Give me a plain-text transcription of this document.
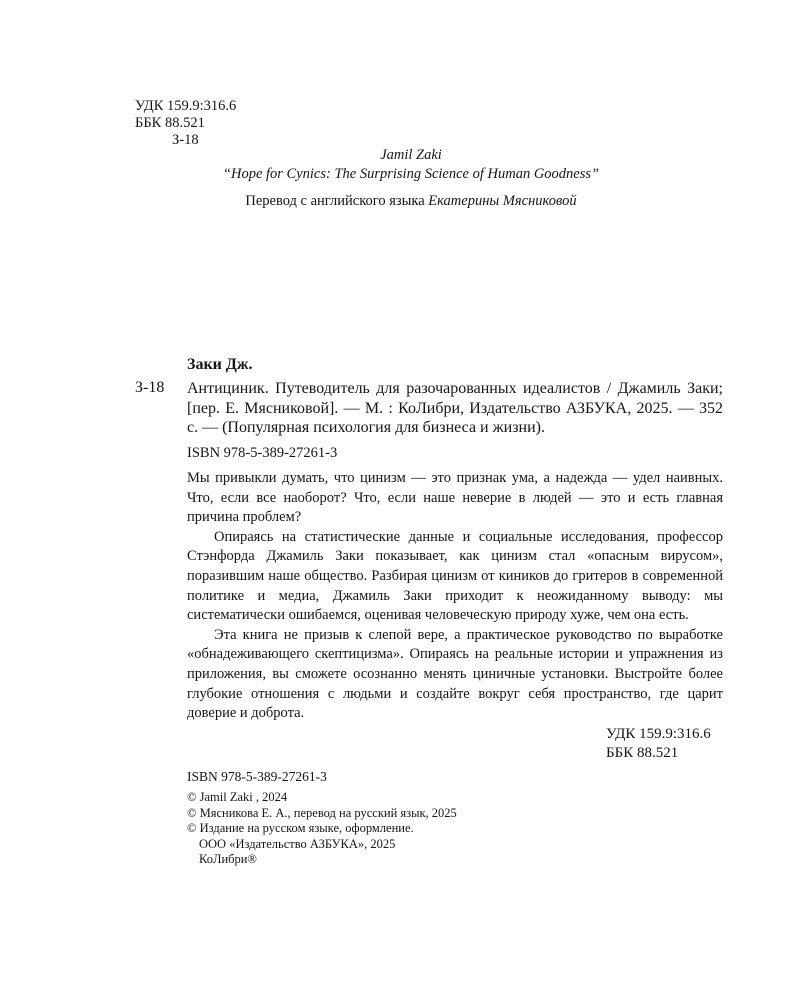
УДК 159.9:316.6
ББК 88.521
З-18
Jamil Zaki
“Hope for Cynics: The Surprising Science of Human Goodness”
Перевод с английского языка Екатерины Мясниковой
Заки Дж.
З-18 Антициник. Путеводитель для разочарованных идеалистов / Джамиль Заки; [пер. Е. Мясниковой]. — М. : КоЛибри, Издательство АЗБУКА, 2025. — 352 с. — (Популярная психология для бизнеса и жизни).
ISBN 978-5-389-27261-3

Мы привыкли думать, что цинизм — это признак ума, а надежда — удел наивных. Что, если все наоборот? Что, если наше неверие в людей — это и есть главная причина проблем?

Опираясь на статистические данные и социальные исследования, профессор Стэнфорда Джамиль Заки показывает, как цинизм стал «опасным вирусом», поразившим наше общество. Разбирая цинизм от киников до гритеров в современной политике и медиа, Джамиль Заки приходит к неожиданному выводу: мы систематически ошибаемся, оценивая человеческую природу хуже, чем она есть.

Эта книга не призыв к слепой вере, а практическое руководство по выработке «обнадеживающего скептицизма». Опираясь на реальные истории и упражнения из приложения, вы сможете осознанно менять циничные установки. Выстройте более глубокие отношения с людьми и создайте вокруг себя пространство, где царит доверие и доброта.

УДК 159.9:316.6
ББК 88.521
ISBN 978-5-389-27261-3
© Jamil Zaki , 2024
© Мясникова Е. А., перевод на русский язык, 2025
© Издание на русском языке, оформление.
ООО «Издательство АЗБУКА», 2025
КоЛибри®
